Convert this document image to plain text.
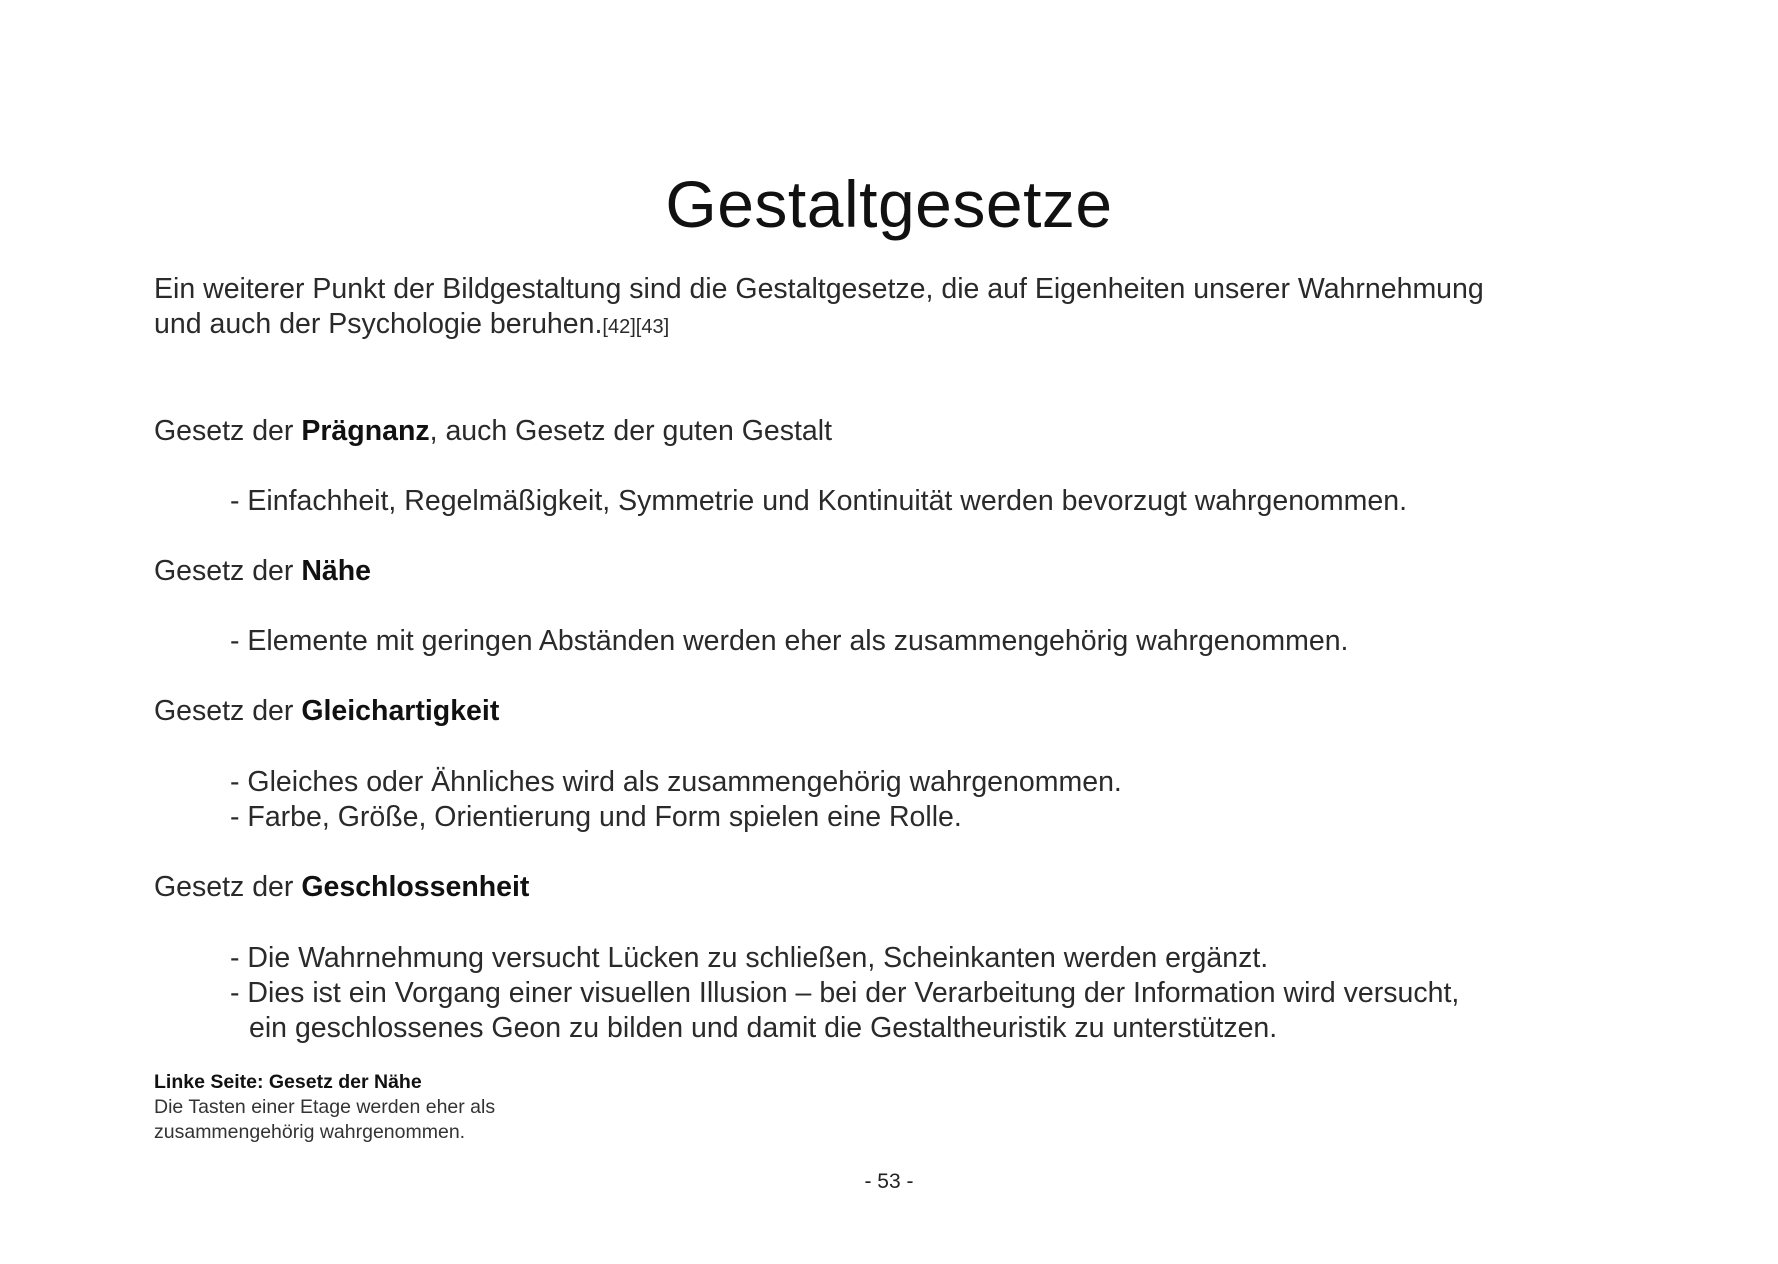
Gestaltgesetze

Ein weiterer Punkt der Bildgestaltung sind die Gestaltgesetze, die auf Eigenheiten unserer Wahrnehmung
und auch der Psychologie beruhen.[42][43]

Gesetz der Prägnanz, auch Gesetz der guten Gestalt

- Einfachheit, Regelmäßigkeit, Symmetrie und Kontinuität werden bevorzugt wahrgenommen.

Gesetz der Nähe

- Elemente mit geringen Abständen werden eher als zusammengehörig wahrgenommen.

Gesetz der Gleichartigkeit

- Gleiches oder Ähnliches wird als zusammengehörig wahrgenommen.

- Farbe, Größe, Orientierung und Form spielen eine Rolle.

Gesetz der Geschlossenheit

- Die Wahrnehmung versucht Lücken zu schließen, Scheinkanten werden ergänzt.

- Dies ist ein Vorgang einer visuellen Illusion – bei der Verarbeitung der Information wird versucht,

ein geschlossenes Geon zu bilden und damit die Gestaltheuristik zu unterstützen.

Linke Seite: Gesetz der Nähe
Die Tasten einer Etage werden eher als
zusammengehörig wahrgenommen.
- 53 -
